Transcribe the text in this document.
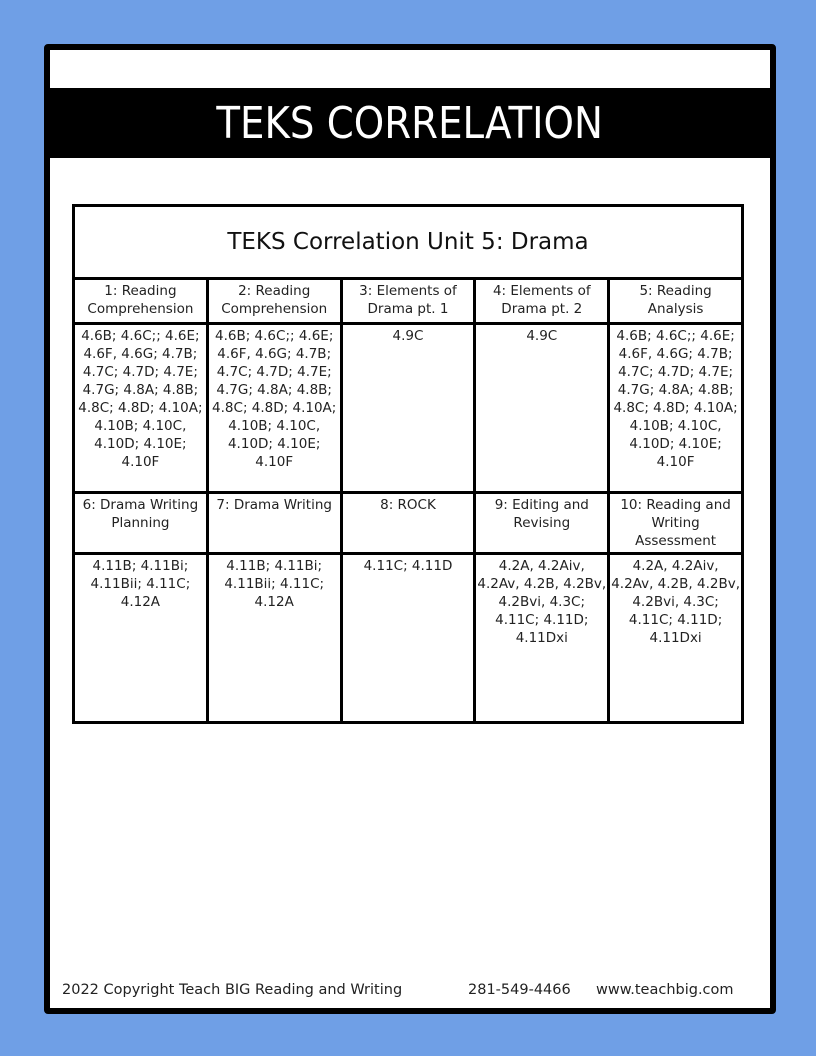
TEKS CORRELATION
TEKS Correlation Unit 5: Drama				
1: Reading Comprehension	2: Reading Comprehension	3: Elements of Drama pt. 1	4: Elements of Drama pt. 2	5: Reading Analysis
4.6B; 4.6C;; 4.6E; 4.6F, 4.6G; 4.7B; 4.7C; 4.7D; 4.7E; 4.7G; 4.8A; 4.8B; 4.8C; 4.8D; 4.10A; 4.10B; 4.10C, 4.10D; 4.10E; 4.10F	4.6B; 4.6C;; 4.6E; 4.6F, 4.6G; 4.7B; 4.7C; 4.7D; 4.7E; 4.7G; 4.8A; 4.8B; 4.8C; 4.8D; 4.10A; 4.10B; 4.10C, 4.10D; 4.10E; 4.10F	4.9C	4.9C	4.6B; 4.6C;; 4.6E; 4.6F, 4.6G; 4.7B; 4.7C; 4.7D; 4.7E; 4.7G; 4.8A; 4.8B; 4.8C; 4.8D; 4.10A; 4.10B; 4.10C, 4.10D; 4.10E; 4.10F
6: Drama Writing Planning	7: Drama Writing	8: ROCK	9: Editing and Revising	10: Reading and Writing Assessment
4.11B; 4.11Bi; 4.11Bii; 4.11C; 4.12A	4.11B; 4.11Bi; 4.11Bii; 4.11C; 4.12A	4.11C; 4.11D	4.2A, 4.2Aiv, 4.2Av, 4.2B, 4.2Bv, 4.2Bvi, 4.3C; 4.11C; 4.11D; 4.11Dxi	4.2A, 4.2Aiv, 4.2Av, 4.2B, 4.2Bv, 4.2Bvi, 4.3C; 4.11C; 4.11D; 4.11Dxi
2022 Copyright Teach BIG Reading and Writing	281-549-4466 www.teachbig.com
